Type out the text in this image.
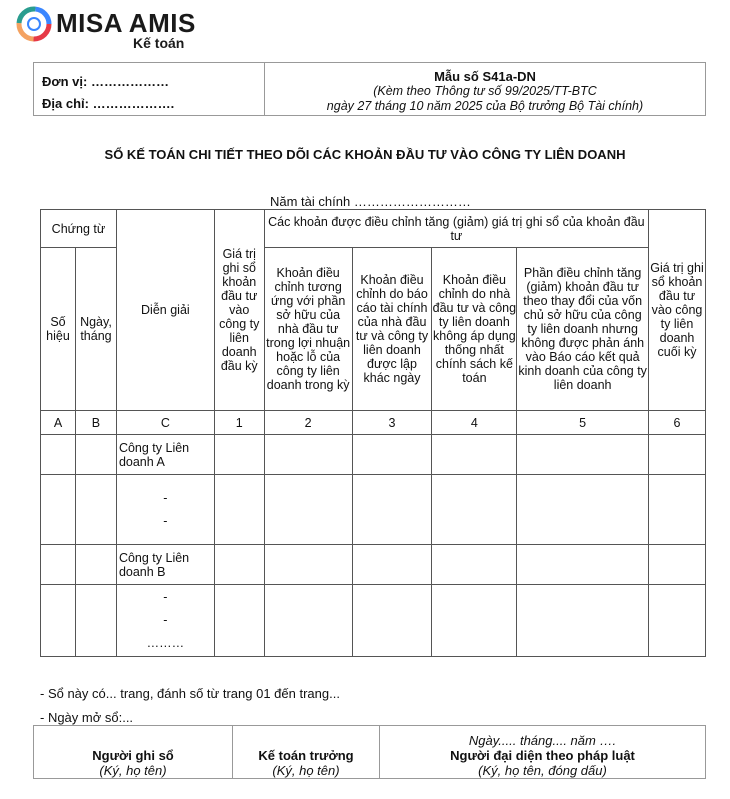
MISA AMIS
Kế toán
Đơn vị: ………………
Địa chỉ: ……………….

Mẫu số S41a-DN
(Kèm theo Thông tư số 99/2025/TT-BTC
ngày 27 tháng 10 năm 2025 của Bộ trưởng Bộ Tài chính)
SỔ KẾ TOÁN CHI TIẾT THEO DÕI CÁC KHOẢN ĐẦU TƯ VÀO CÔNG TY LIÊN DOANH
Năm tài chính ………………………
Chứng từ		Diễn giải	Giá trị ghi sổ khoản đầu tư vào công ty liên doanh đầu kỳ	Các khoản được điều chỉnh tăng (giảm) giá trị ghi sổ của khoản đầu tư				Giá trị ghi sổ khoản đầu tư vào công ty liên doanh cuối kỳ
Số hiệu	Ngày, tháng			Khoản điều chỉnh tương ứng với phần sở hữu của nhà đầu tư trong lợi nhuận hoặc lỗ của công ty liên doanh trong kỳ	Khoản điều chỉnh do báo cáo tài chính của nhà đầu tư và công ty liên doanh được lập khác ngày	Khoản điều chỉnh do nhà đầu tư và công ty liên doanh không áp dụng thống nhất chính sách kế toán	Phần điều chỉnh tăng (giảm) khoản đầu tư theo thay đổi của vốn chủ sở hữu của công ty liên doanh nhưng không được phản ánh vào Báo cáo kết quả kinh doanh của công ty liên doanh	
A	B	C	1	2	3	4	5	6
		Công ty Liên doanh A						

		-
-						

		Công ty Liên doanh B						

		-
-
………						

- Sổ này có... trang, đánh số từ trang 01 đến trang...
- Ngày mở sổ:...
Người ghi sổ
(Ký, họ tên)

Kế toán trưởng
(Ký, họ tên)

Ngày..... tháng.... năm ….
Người đại diện theo pháp luật
(Ký, họ tên, đóng dấu)
